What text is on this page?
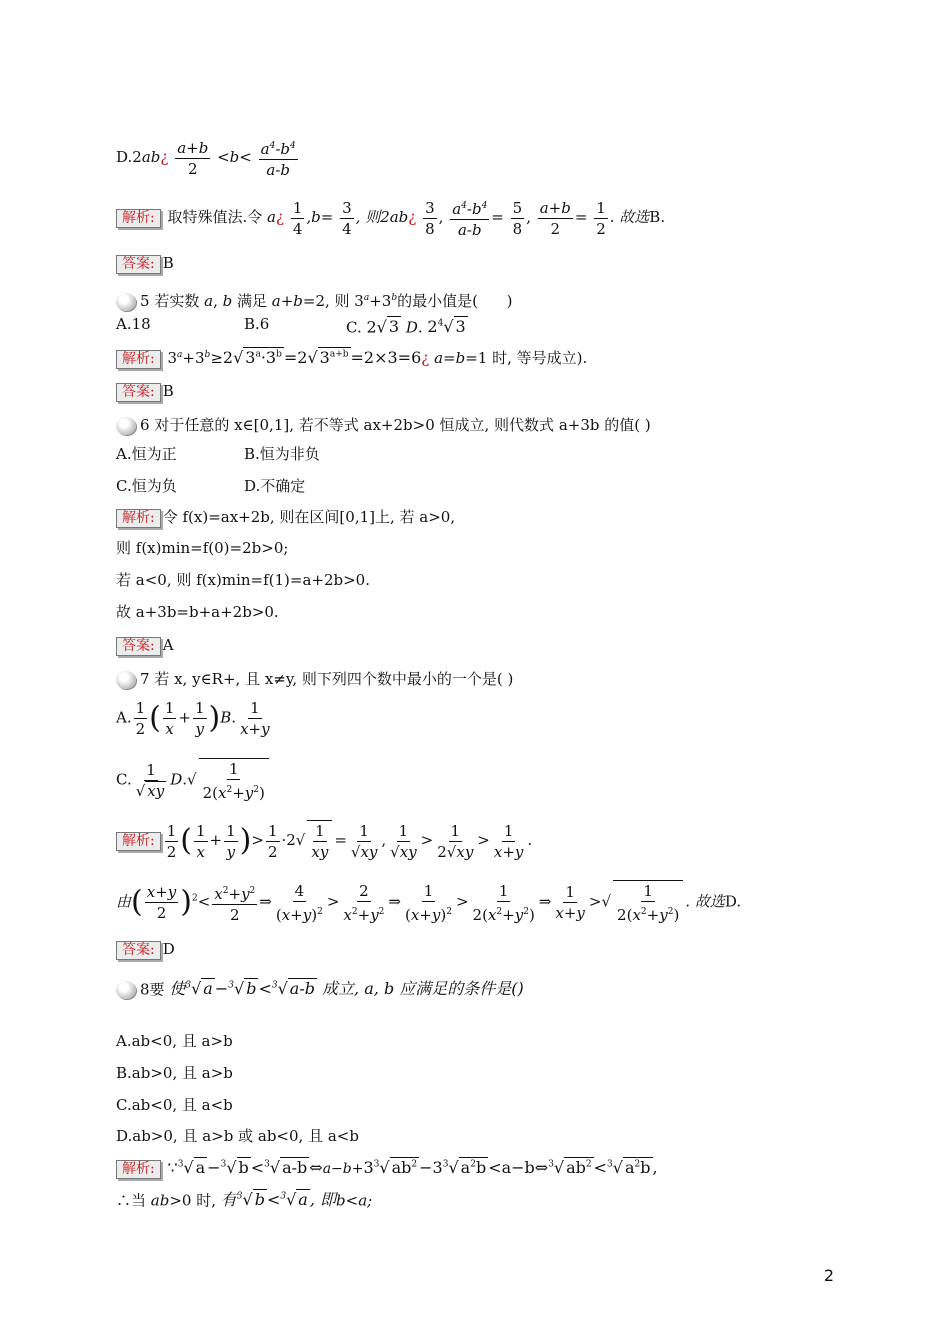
D.2ab¿ $\frac{a+b}{2} <b< \frac{a^4-b^4}{a-b}$
解析: 取特殊值法.令 a¿ $\frac{1}{4} ,b= \frac{3}{4}$ , 则2ab¿ $\frac{3}{8}$ , $\frac{a^4-b^4}{a-b} = \frac{5}{8}$ , $\frac{a+b}{2} = \frac{1}{2}$ . 故选B.
答案: B
5 若实数 a, b 满足 a+b=2, 则 $3^a+3^b$的最小值是(      )
A.18	B.6	C. 2√ 3 D. $2^4√$ 3
解析: $3^a+3^b\ge 2√$ $3^a\cdot 3^b =2√$ $3^{a+b}$ =2×3=6¿ a=b=1 时, 等号成立).
答案: B
6 对于任意的 x∈[0,1], 若不等式 ax+2b>0 恒成立, 则代数式 a+3b 的值( )
A.恒为正	B.恒为非负
C.恒为负	D.不确定
解析: 令 f(x)=ax+2b, 则在区间[0,1]上, 若 a>0,
则 f(x)min=f(0)=2b>0;
若 a<0, 则 f(x)min=f(1)=a+2b>0.
故 a+3b=b+a+2b>0.
答案: A
7 若 x, y∈R+, 且 x≠y, 则下列四个数中最小的一个是( )
A. $\frac{1}{2}$ ( $\frac{1}{x} + \frac{1}{y} )B$. $\frac{1}{x+y}$
C. $\frac{1}{√ xy} D.√ \frac{1}{2(x^2+y^2)}$
解析: $\frac{1}{2}$ ( $\frac{1}{x} + \frac{1}{y}$ )> $\frac{1}{2} \cdot 2√ \frac{1}{xy} = \frac{1}{√xy}$ , $\frac{1}{√xy} > \frac{1}{2√xy} > \frac{1}{x+y}$ .
由( $\frac{x+y}{2} )^2< \frac{x^2+y^2}{2}$ ⇒ $\frac{4}{(x+y)^2} > \frac{2}{x^2+y^2}$ ⇒ $\frac{1}{(x+y)^2} > \frac{1}{2(x^2+y^2)}$ ⇒ $\frac{1}{x+y}$ >√ $\frac{1}{2(x^2+y^2)}$ . 故选D.
答案: D
8要 使$^3$√ a −$^3$√ b <$^3$√ a-b 成立, a, b 应满足的条件是()
A.ab<0, 且 a>b
B.ab>0, 且 a>b
C.ab<0, 且 a<b
D.ab>0, 且 a>b 或 ab<0, 且 a<b
解析: ∵$^3$√ a −$^3$√ b <$^3$√ a-b $\Leftrightarrow a-b+3^3√$ $ab^2 -3^3√$ $a^2b$ <a−b⇔$^3$√ $ab^2 <^3√$ $a^2b$ ,
∴当 ab>0 时, 有$^3$√ b <$^3$√ a , 即b<a;
2
